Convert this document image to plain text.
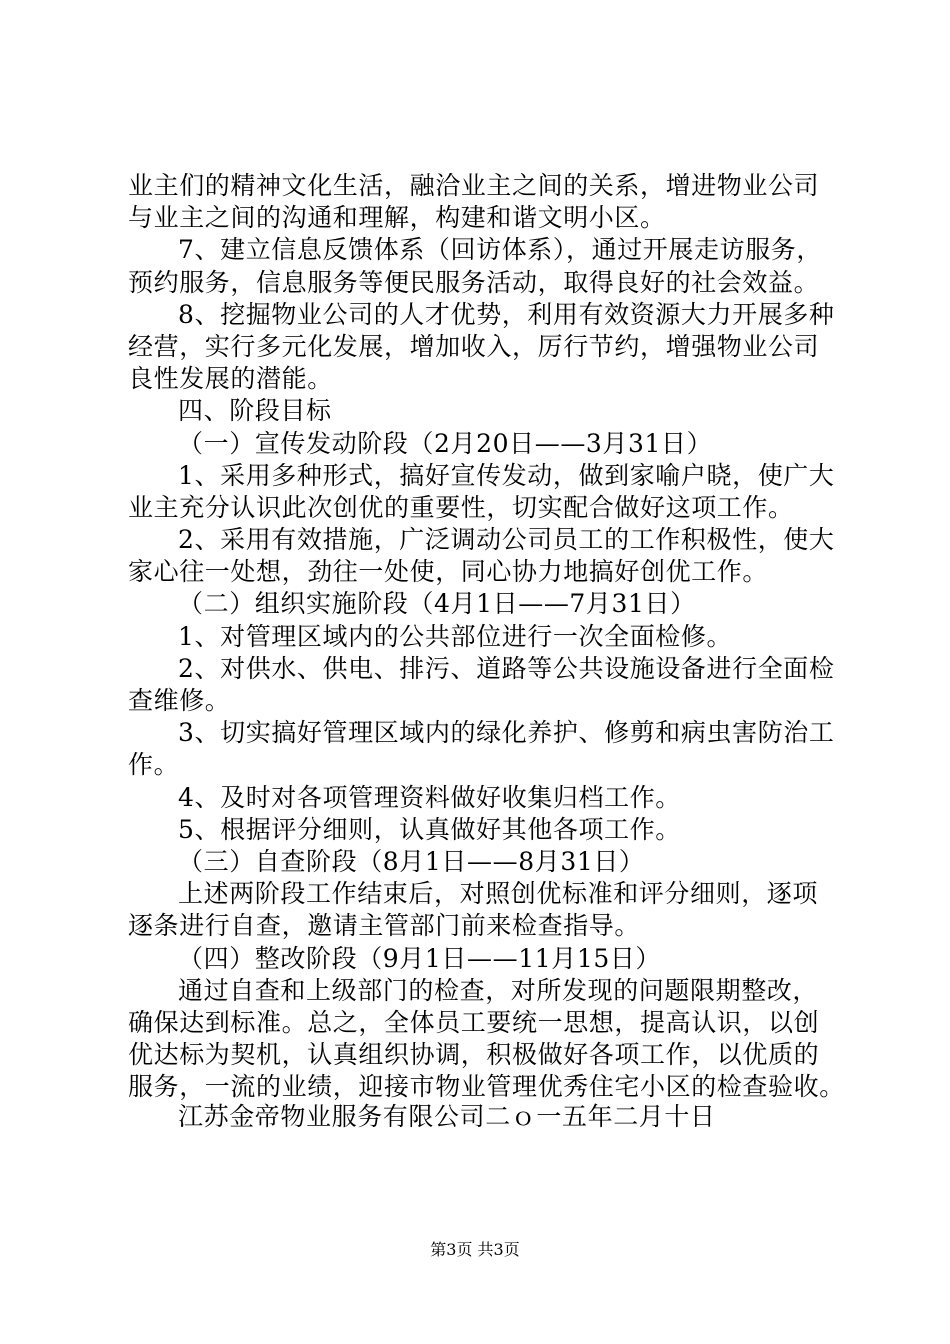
业主们的精神文化生活，融洽业主之间的关系，增进物业公司
与业主之间的沟通和理解，构建和谐文明小区。
7、建立信息反馈体系（回访体系），通过开展走访服务，
预约服务，信息服务等便民服务活动，取得良好的社会效益。
8、挖掘物业公司的人才优势，利用有效资源大力开展多种
经营，实行多元化发展，增加收入，厉行节约，增强物业公司
良性发展的潜能。
四、阶段目标
（一）宣传发动阶段（2月20日——3月31日）
1、采用多种形式，搞好宣传发动，做到家喻户晓，使广大
业主充分认识此次创优的重要性，切实配合做好这项工作。
2、采用有效措施，广泛调动公司员工的工作积极性，使大
家心往一处想，劲往一处使，同心协力地搞好创优工作。
（二）组织实施阶段（4月1日——7月31日）
1、对管理区域内的公共部位进行一次全面检修。
2、对供水、供电、排污、道路等公共设施设备进行全面检
查维修。
3、切实搞好管理区域内的绿化养护、修剪和病虫害防治工
作。
4、及时对各项管理资料做好收集归档工作。
5、根据评分细则，认真做好其他各项工作。
（三）自查阶段（8月1日——8月31日）
上述两阶段工作结束后，对照创优标准和评分细则，逐项
逐条进行自查，邀请主管部门前来检查指导。
（四）整改阶段（9月1日——11月15日）
通过自查和上级部门的检查，对所发现的问题限期整改，
确保达到标准。总之，全体员工要统一思想，提高认识，以创
优达标为契机，认真组织协调，积极做好各项工作，以优质的
服务，一流的业绩，迎接市物业管理优秀住宅小区的检查验收。
江苏金帝物业服务有限公司二ｏ一五年二月十日
第3页 共3页
